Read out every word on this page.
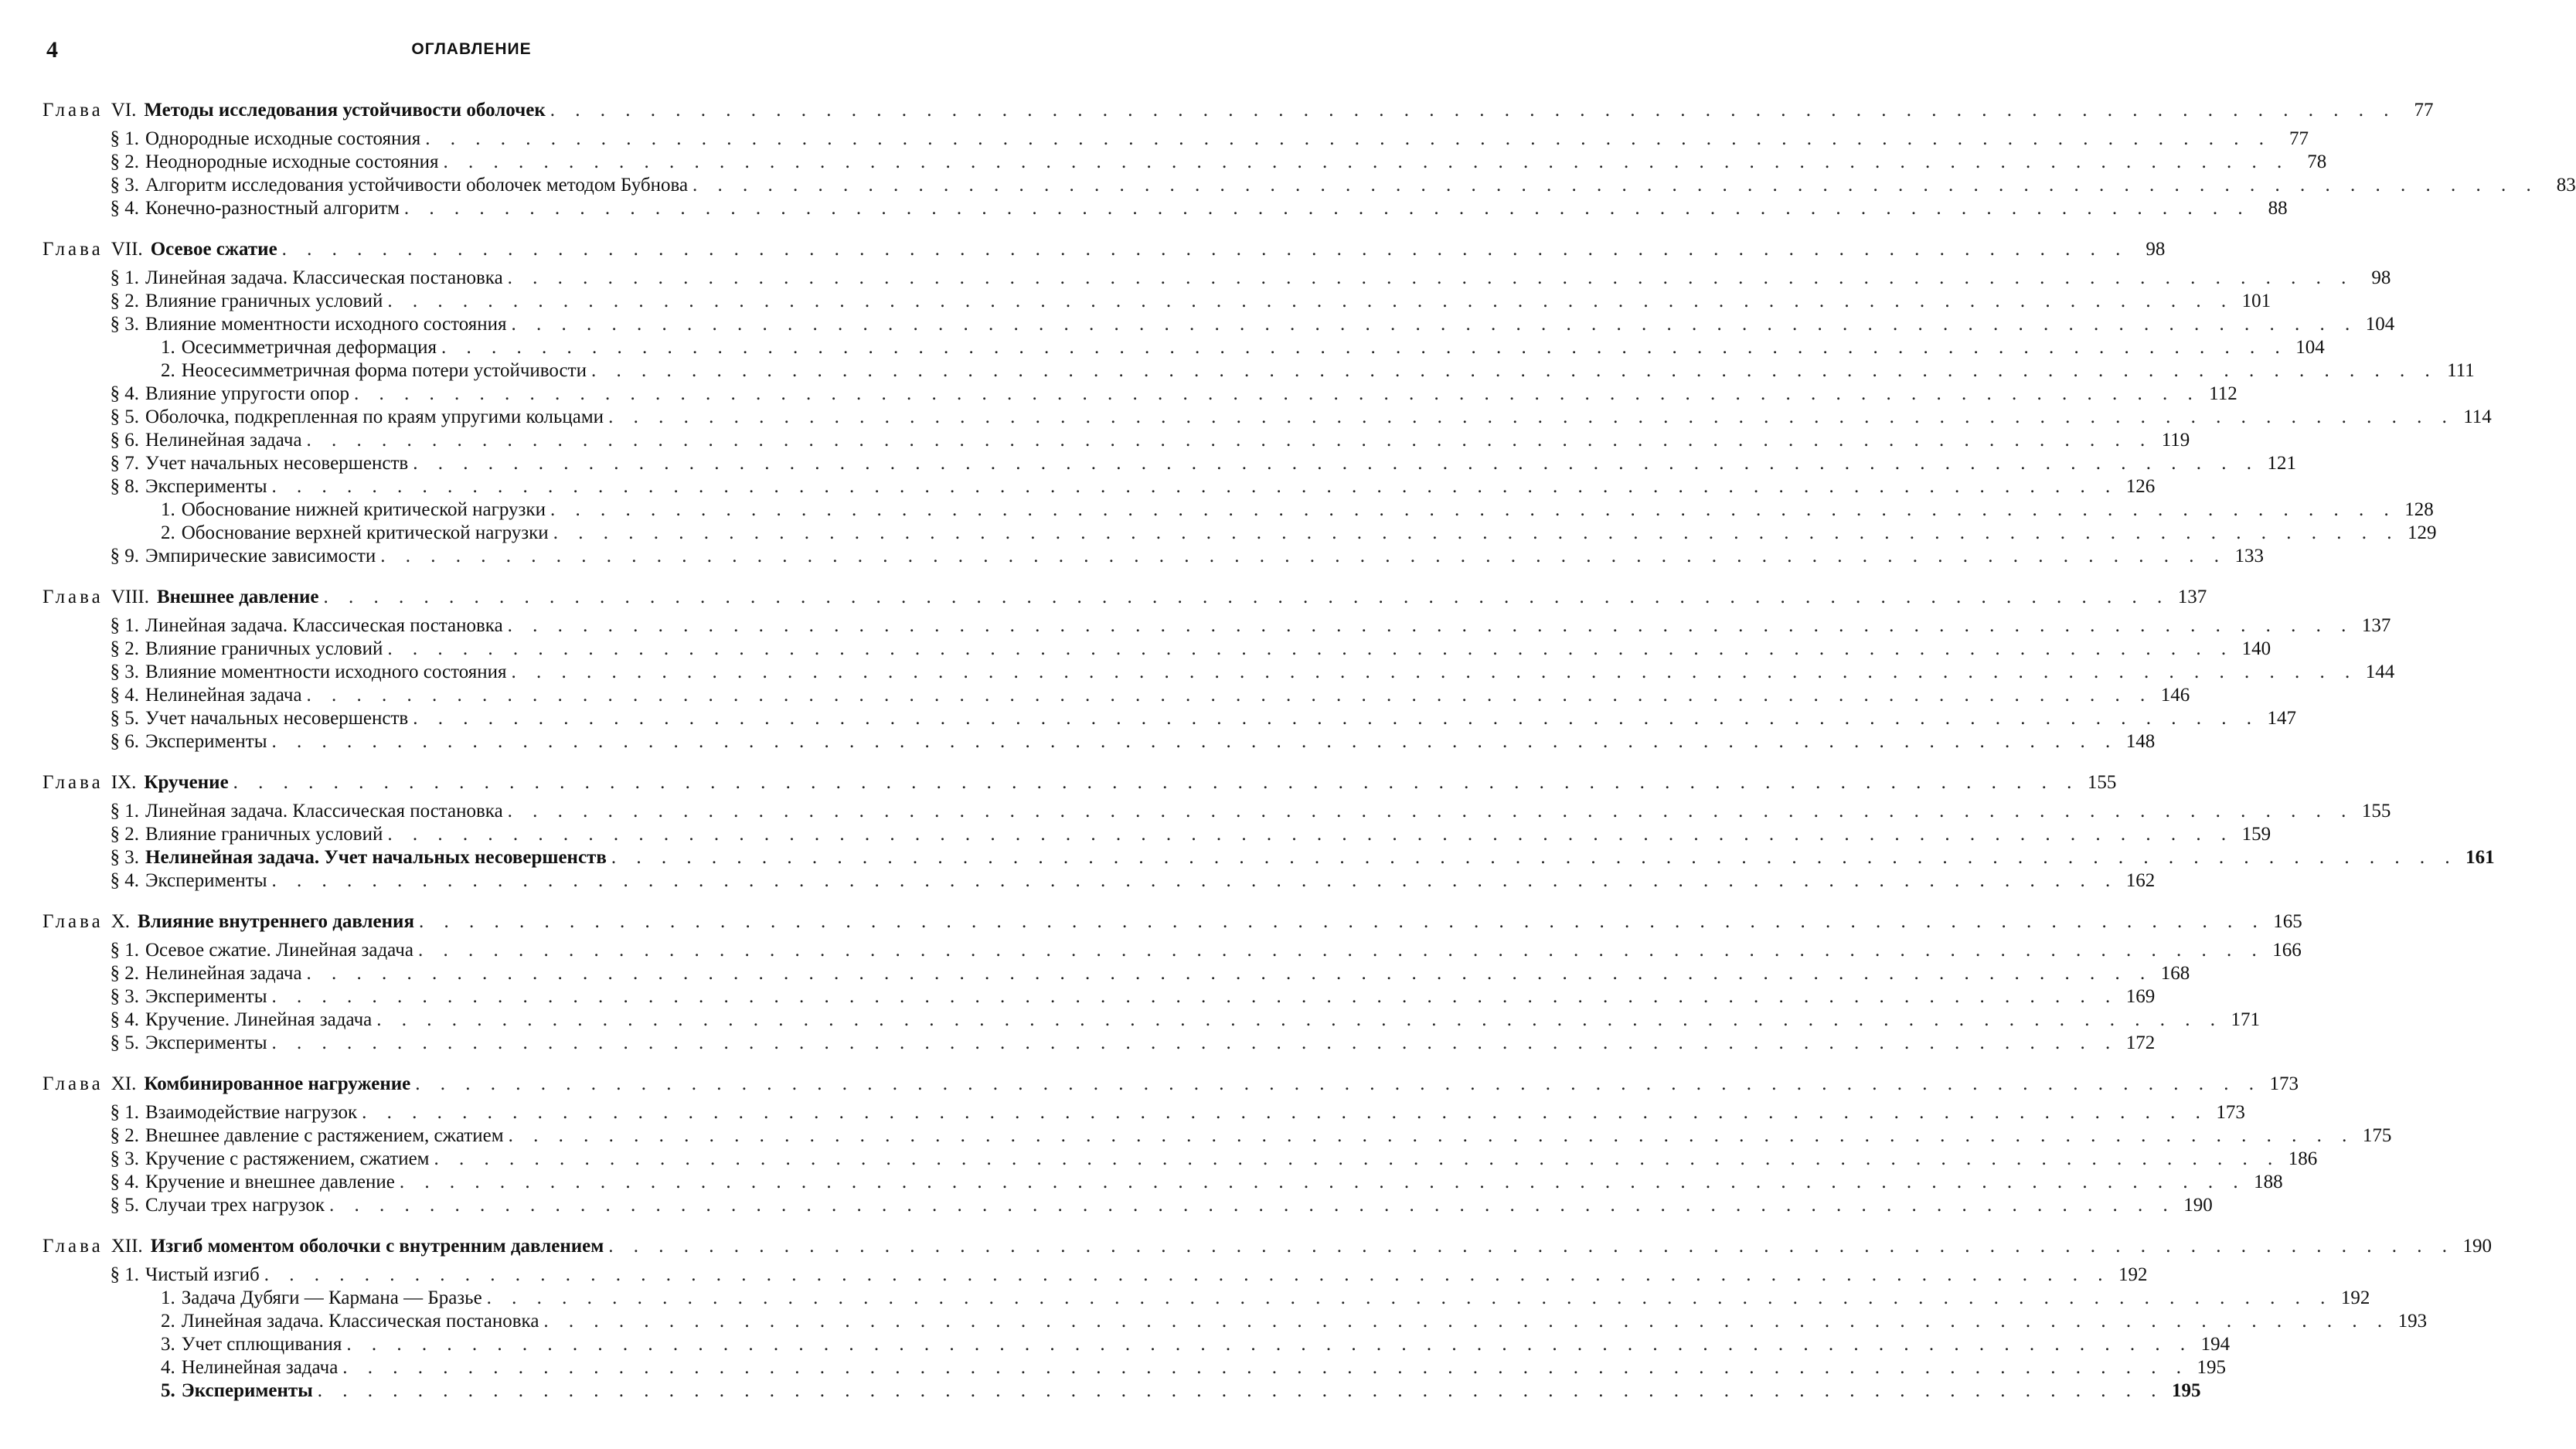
4	ОГЛАВЛЕНИЕ
Глава VI. Методы исследования устойчивости оболочек . . .	77
§ 1. Однородные исходные состояния . . .	77
§ 2. Неоднородные исходные состояния . . .	78
§ 3. Алгоритм исследования устойчивости оболочек методом Бубнова . . .	83
§ 4. Конечно-разностный алгоритм . . .	88
Глава VII. Осевое сжатие . . .	98
§ 1. Линейная задача. Классическая постановка . . .	98
§ 2. Влияние граничных условий . . .	101
§ 3. Влияние моментности исходного состояния . . .	104
1. Осесимметричная деформация . . .	104
2. Неосесимметричная форма потери устойчивости . . .	111
§ 4. Влияние упругости опор . . .	112
§ 5. Оболочка, подкрепленная по краям упругими кольцами . . .	114
§ 6. Нелинейная задача . . .	119
§ 7. Учет начальных несовершенств . . .	121
§ 8. Эксперименты . . .	126
1. Обоснование нижней критической нагрузки . . .	128
2. Обоснование верхней критической нагрузки . . .	129
§ 9. Эмпирические зависимости . . .	133
Глава VIII. Внешнее давление . . .	137
§ 1. Линейная задача. Классическая постановка . . .	137
§ 2. Влияние граничных условий . . .	140
§ 3. Влияние моментности исходного состояния . . .	144
§ 4. Нелинейная задача . . .	146
§ 5. Учет начальных несовершенств . . .	147
§ 6. Эксперименты . . .	148
Глава IX. Кручение . . .	155
§ 1. Линейная задача. Классическая постановка . . .	155
§ 2. Влияние граничных условий . . .	159
§ 3. Нелинейная задача. Учет начальных несовершенств . . .	161
§ 4. Эксперименты . . .	162
Глава X. Влияние внутреннего давления . . .	165
§ 1. Осевое сжатие. Линейная задача . . .	166
§ 2. Нелинейная задача . . .	168
§ 3. Эксперименты . . .	169
§ 4. Кручение. Линейная задача . . .	171
§ 5. Эксперименты . . .	172
Глава XI. Комбинированное нагружение . . .	173
§ 1. Взаимодействие нагрузок . . .	173
§ 2. Внешнее давление с растяжением, сжатием . . .	175
§ 3. Кручение с растяжением, сжатием . . .	186
§ 4. Кручение и внешнее давление . . .	188
§ 5. Случаи трех нагрузок . . .	190
Глава XII. Изгиб моментом оболочки с внутренним давлением . . .	190
§ 1. Чистый изгиб . . .	192
1. Задача Дубяги — Кармана — Бразье . . .	192
2. Линейная задача. Классическая постановка . . .	193
3. Учет сплющивания . . .	194
4. Нелинейная задача . . .	195
5. Эксперименты . . .	195
